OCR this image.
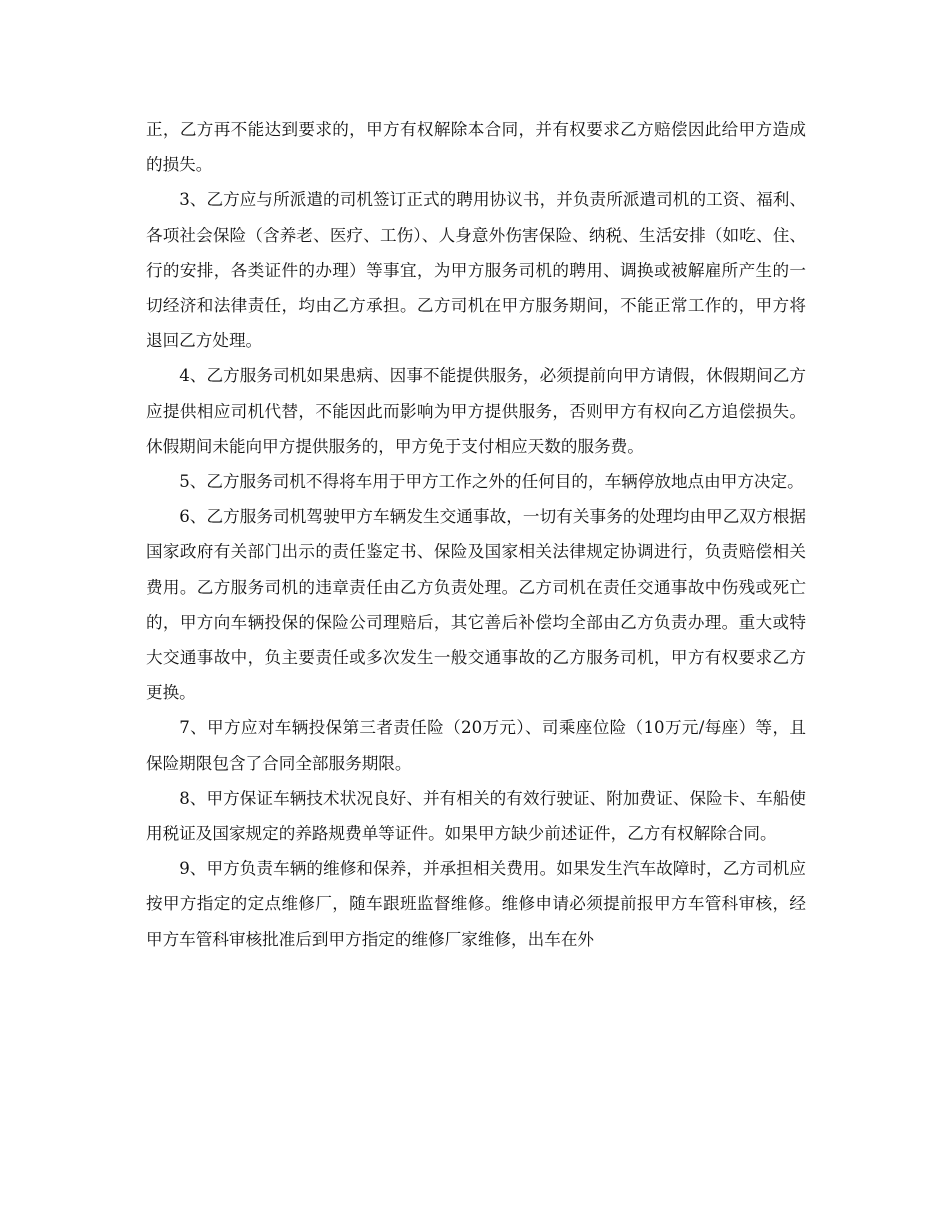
正，乙方再不能达到要求的，甲方有权解除本合同，并有权要求乙方赔偿因此给甲方造成的损失。

3、乙方应与所派遣的司机签订正式的聘用协议书，并负责所派遣司机的工资、福利、各项社会保险（含养老、医疗、工伤）、人身意外伤害保险、纳税、生活安排（如吃、住、行的安排，各类证件的办理）等事宜，为甲方服务司机的聘用、调换或被解雇所产生的一切经济和法律责任，均由乙方承担。乙方司机在甲方服务期间，不能正常工作的，甲方将退回乙方处理。

4、乙方服务司机如果患病、因事不能提供服务，必须提前向甲方请假，休假期间乙方应提供相应司机代替，不能因此而影响为甲方提供服务，否则甲方有权向乙方追偿损失。休假期间未能向甲方提供服务的，甲方免于支付相应天数的服务费。

5、乙方服务司机不得将车用于甲方工作之外的任何目的，车辆停放地点由甲方决定。

6、乙方服务司机驾驶甲方车辆发生交通事故，一切有关事务的处理均由甲乙双方根据国家政府有关部门出示的责任鉴定书、保险及国家相关法律规定协调进行，负责赔偿相关费用。乙方服务司机的违章责任由乙方负责处理。乙方司机在责任交通事故中伤残或死亡的，甲方向车辆投保的保险公司理赔后，其它善后补偿均全部由乙方负责办理。重大或特大交通事故中，负主要责任或多次发生一般交通事故的乙方服务司机，甲方有权要求乙方更换。

7、甲方应对车辆投保第三者责任险（20万元）、司乘座位险（10万元/每座）等，且保险期限包含了合同全部服务期限。

8、甲方保证车辆技术状况良好、并有相关的有效行驶证、附加费证、保险卡、车船使用税证及国家规定的养路规费单等证件。如果甲方缺少前述证件，乙方有权解除合同。

9、甲方负责车辆的维修和保养，并承担相关费用。如果发生汽车故障时，乙方司机应按甲方指定的定点维修厂，随车跟班监督维修。维修申请必须提前报甲方车管科审核，经甲方车管科审核批准后到甲方指定的维修厂家维修，出车在外
